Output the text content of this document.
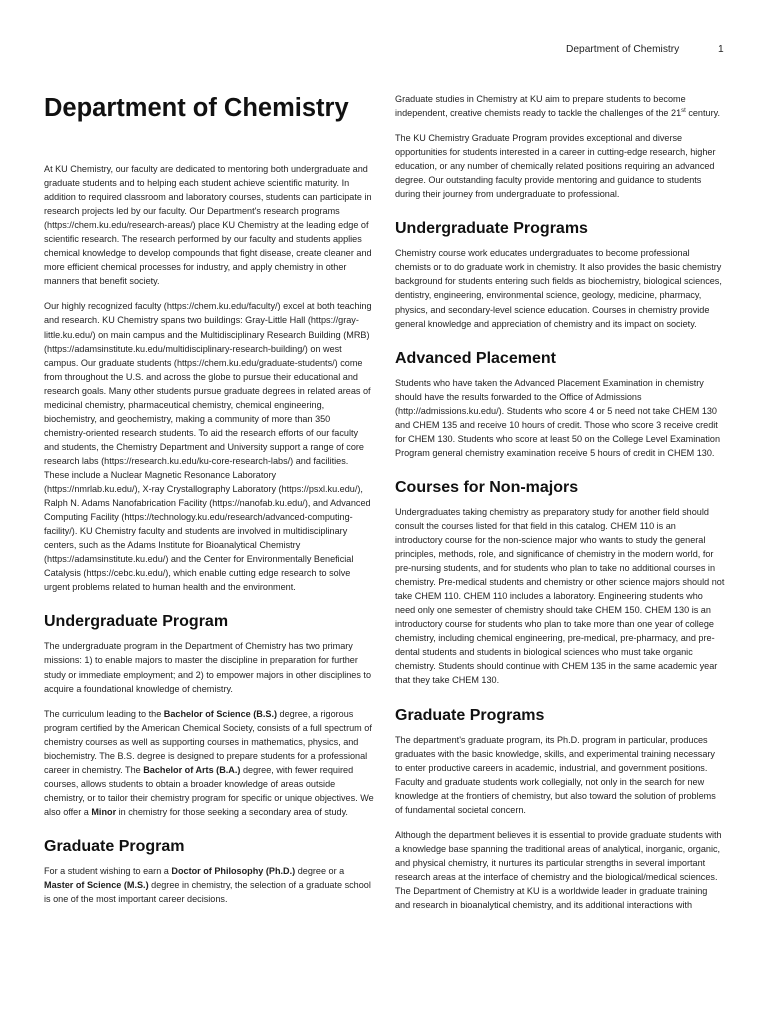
Department of Chemistry	1
Department of Chemistry

At KU Chemistry, our faculty are dedicated to mentoring both undergraduate and graduate students and to helping each student achieve scientific maturity. In addition to required classroom and laboratory courses, students can participate in research projects led by our faculty. Our Department's research programs (https://chem.ku.edu/research-areas/) place KU Chemistry at the leading edge of scientific research. The research performed by our faculty and students applies chemical knowledge to develop compounds that fight disease, create cleaner and more efficient chemical processes for industry, and apply chemistry in other manners that benefit society.

Our highly recognized faculty (https://chem.ku.edu/faculty/) excel at both teaching and research. KU Chemistry spans two buildings: Gray-Little Hall (https://gray-little.ku.edu/) on main campus and the Multidisciplinary Research Building (MRB) (https://adamsinstitute.ku.edu/multidisciplinary-research-building/) on west campus. Our graduate students (https://chem.ku.edu/graduate-students/) come from throughout the U.S. and across the globe to pursue their educational and research goals. Many other students pursue graduate degrees in related areas of medicinal chemistry, pharmaceutical chemistry, chemical engineering, biochemistry, and geochemistry, making a community of more than 350 chemistry-oriented research students. To aid the research efforts of our faculty and students, the Chemistry Department and University support a range of core research labs (https://research.ku.edu/ku-core-research-labs/) and facilities. These include a Nuclear Magnetic Resonance Laboratory (https://nmrlab.ku.edu/), X-ray Crystallography Laboratory (https://psxl.ku.edu/), Ralph N. Adams Nanofabrication Facility (https://nanofab.ku.edu/), and Advanced Computing Facility (https://technology.ku.edu/research/advanced-computing-facility/). KU Chemistry faculty and students are involved in multidisciplinary centers, such as the Adams Institute for Bioanalytical Chemistry (https://adamsinstitute.ku.edu/) and the Center for Environmentally Beneficial Catalysis (https://cebc.ku.edu/), which enable cutting edge research to solve urgent problems related to human health and the environment.

Undergraduate Program

The undergraduate program in the Department of Chemistry has two primary missions: 1) to enable majors to master the discipline in preparation for further study or immediate employment; and 2) to empower majors in other disciplines to acquire a foundational knowledge of chemistry.

The curriculum leading to the Bachelor of Science (B.S.) degree, a rigorous program certified by the American Chemical Society, consists of a full spectrum of chemistry courses as well as supporting courses in mathematics, physics, and biochemistry. The B.S. degree is designed to prepare students for a professional career in chemistry. The Bachelor of Arts (B.A.) degree, with fewer required courses, allows students to obtain a broader knowledge of areas outside chemistry, or to tailor their chemistry program for specific or unique objectives. We also offer a Minor in chemistry for those seeking a secondary area of study.

Graduate Program

For a student wishing to earn a Doctor of Philosophy (Ph.D.) degree or a Master of Science (M.S.) degree in chemistry, the selection of a graduate school is one of the most important career decisions.

Graduate studies in Chemistry at KU aim to prepare students to become independent, creative chemists ready to tackle the challenges of the 21st century.

The KU Chemistry Graduate Program provides exceptional and diverse opportunities for students interested in a career in cutting-edge research, higher education, or any number of chemically related positions requiring an advanced degree. Our outstanding faculty provide mentoring and guidance to students during their journey from undergraduate to professional.

Undergraduate Programs

Chemistry course work educates undergraduates to become professional chemists or to do graduate work in chemistry. It also provides the basic chemistry background for students entering such fields as biochemistry, biological sciences, dentistry, engineering, environmental science, geology, medicine, pharmacy, physics, and secondary-level science education. Courses in chemistry provide general knowledge and appreciation of chemistry and its impact on society.

Advanced Placement

Students who have taken the Advanced Placement Examination in chemistry should have the results forwarded to the Office of Admissions (http://admissions.ku.edu/). Students who score 4 or 5 need not take CHEM 130 and CHEM 135 and receive 10 hours of credit. Those who score 3 receive credit for CHEM 130. Students who score at least 50 on the College Level Examination Program general chemistry examination receive 5 hours of credit in CHEM 130.

Courses for Non-majors

Undergraduates taking chemistry as preparatory study for another field should consult the courses listed for that field in this catalog. CHEM 110 is an introductory course for the non-science major who wants to study the general principles, methods, role, and significance of chemistry in the modern world, for pre-nursing students, and for students who plan to take no additional courses in chemistry. Pre-medical students and chemistry or other science majors should not take CHEM 110. CHEM 110 includes a laboratory. Engineering students who need only one semester of chemistry should take CHEM 150. CHEM 130 is an introductory course for students who plan to take more than one year of college chemistry, including chemical engineering, pre-medical, pre-pharmacy, and pre-dental students and students in biological sciences who must take organic chemistry. Students should continue with CHEM 135 in the same academic year that they take CHEM 130.

Graduate Programs

The department's graduate program, its Ph.D. program in particular, produces graduates with the basic knowledge, skills, and experimental training necessary to enter productive careers in academic, industrial, and government positions. Faculty and graduate students work collegially, not only in the search for new knowledge at the frontiers of chemistry, but also toward the solution of problems of fundamental societal concern.

Although the department believes it is essential to provide graduate students with a knowledge base spanning the traditional areas of analytical, inorganic, organic, and physical chemistry, it nurtures its particular strengths in several important research areas at the interface of chemistry and the biological/medical sciences. The Department of Chemistry at KU is a worldwide leader in graduate training and research in bioanalytical chemistry, and its additional interactions with
